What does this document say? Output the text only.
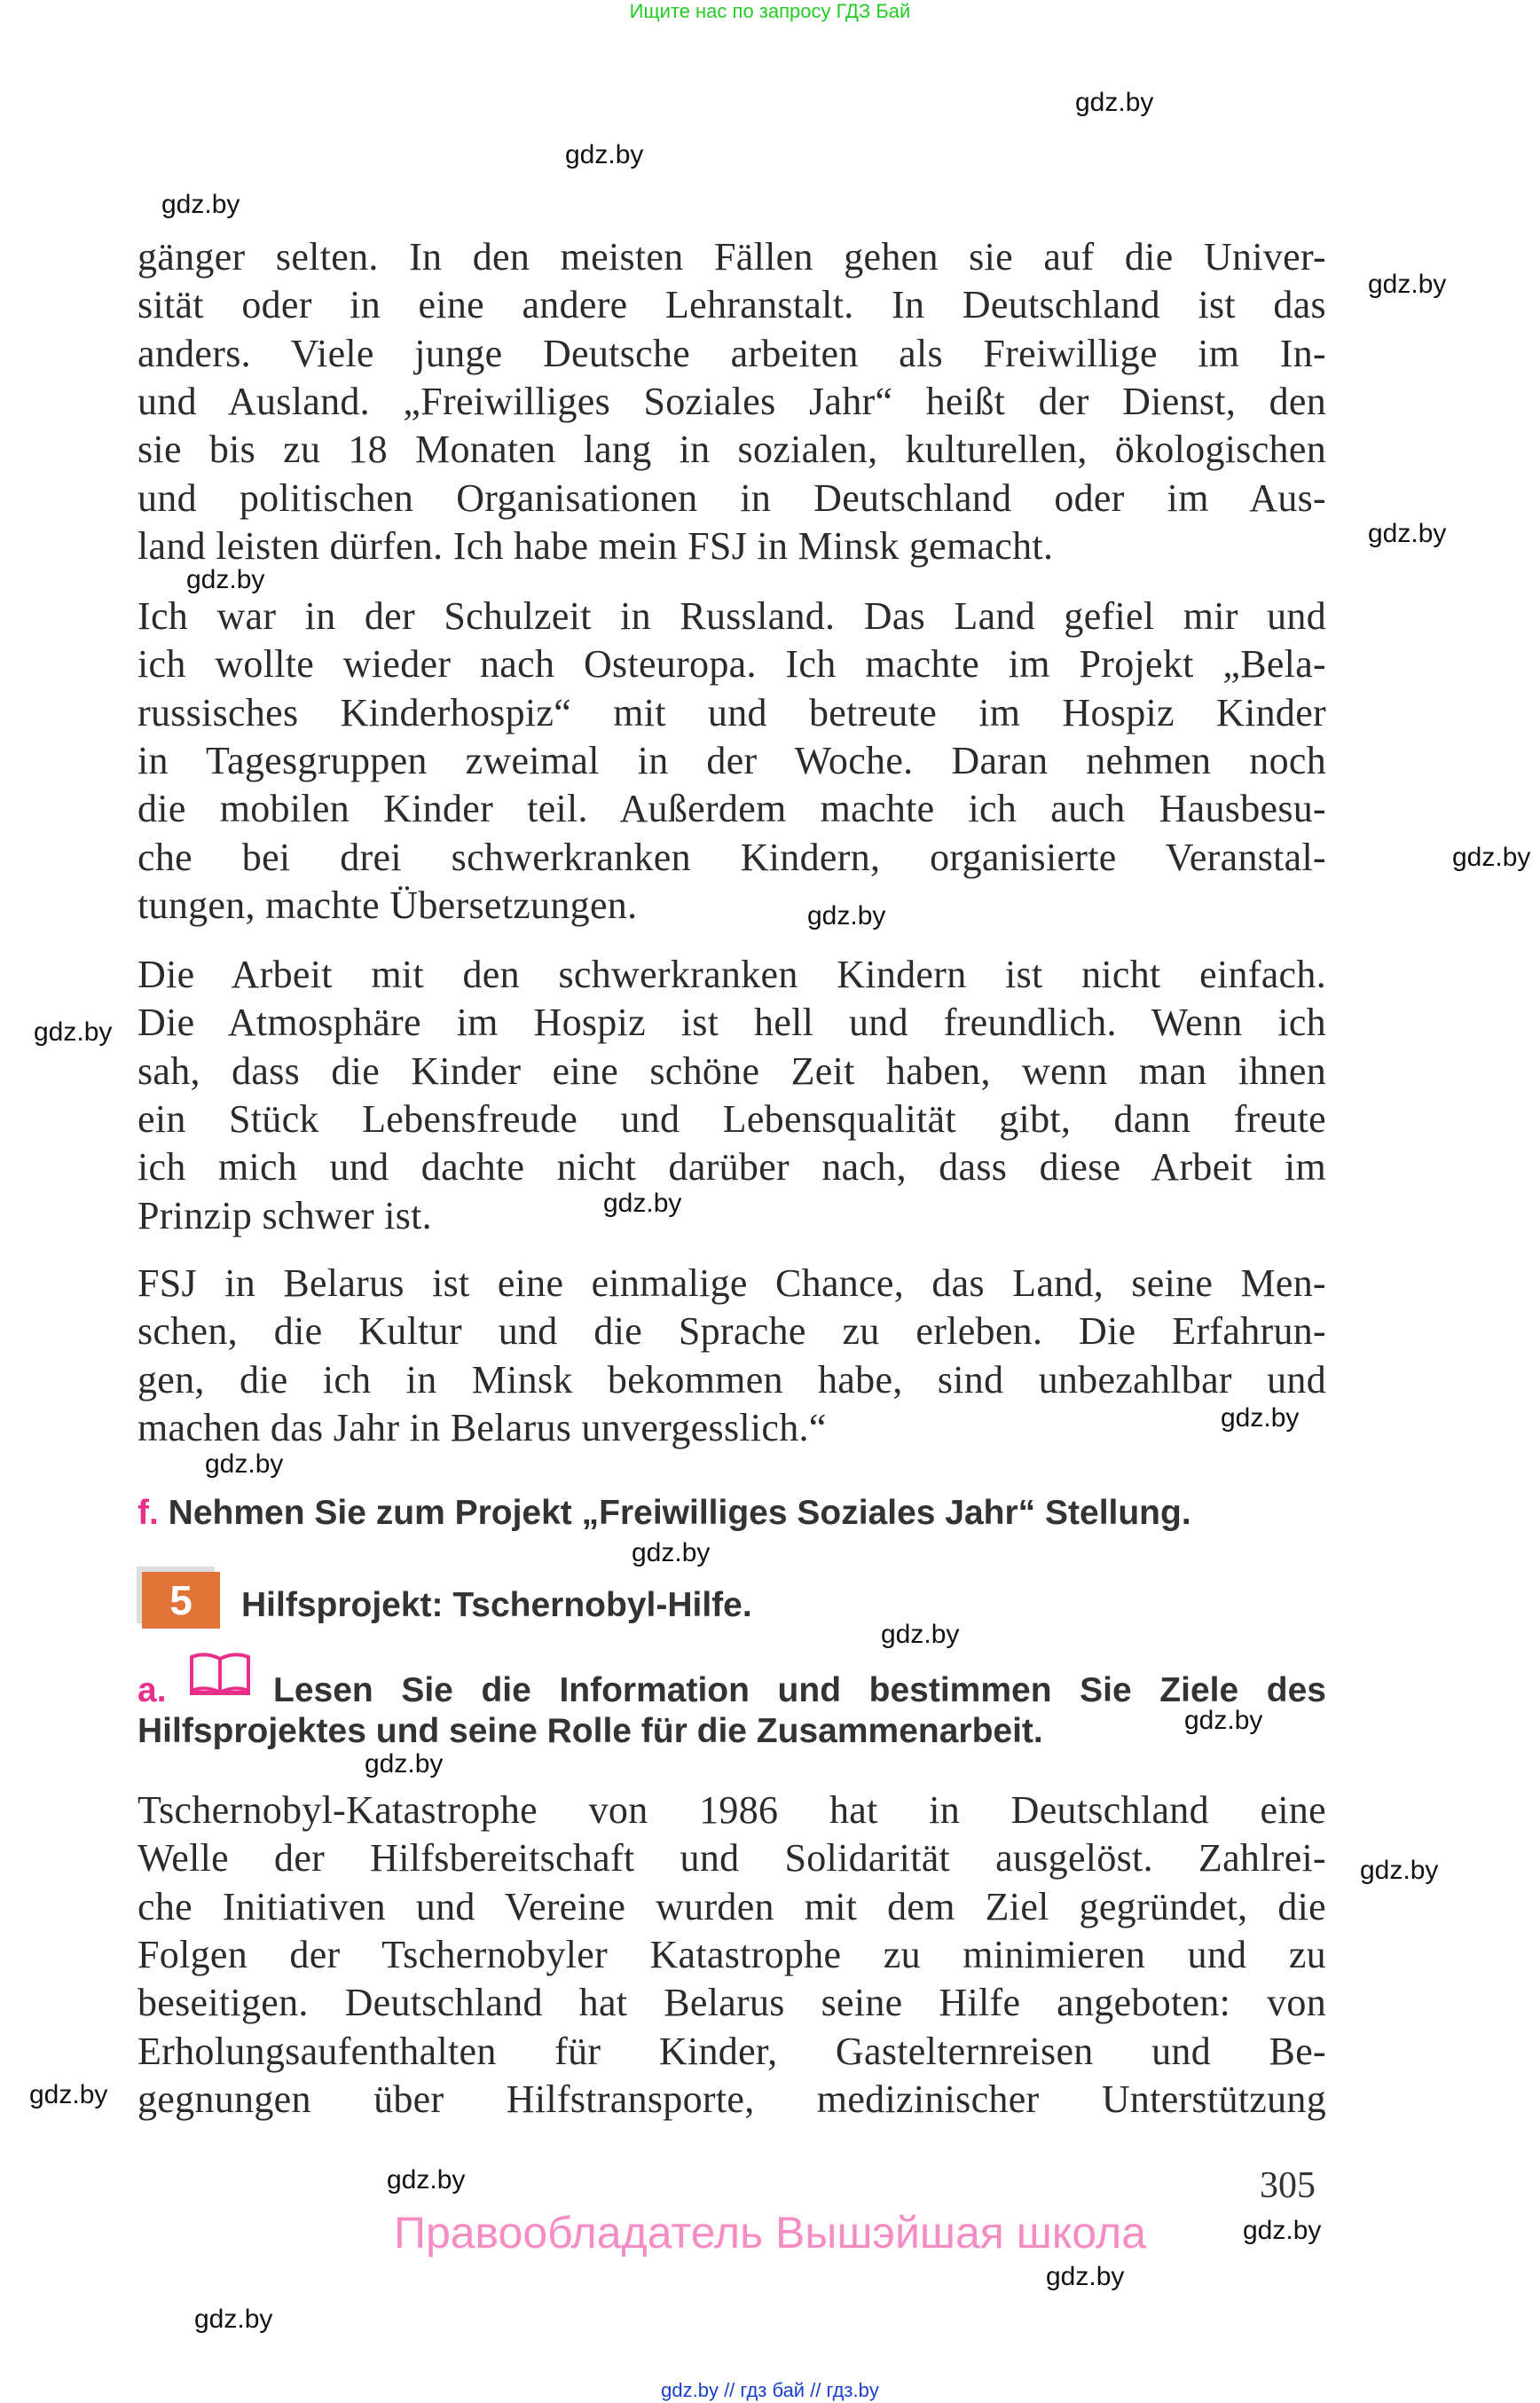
Ищите нас по запросу ГДЗ Бай
gänger selten. In den meisten Fällen gehen sie auf die Univer-
sität oder in eine andere Lehranstalt. In Deutschland ist das
anders. Viele junge Deutsche arbeiten als Freiwillige im In-
und Ausland. „Freiwilliges Soziales Jahr“ heißt der Dienst, den
sie bis zu 18 Monaten lang in sozialen, kulturellen, ökologischen
und politischen Organisationen in Deutschland oder im Aus-
land leisten dürfen. Ich habe mein FSJ in Minsk gemacht.
Ich war in der Schulzeit in Russland. Das Land gefiel mir und
ich wollte wieder nach Osteuropa. Ich machte im Projekt „Bela-
russisches Kinderhospiz“ mit und betreute im Hospiz Kinder
in Tagesgruppen zweimal in der Woche. Daran nehmen noch
die mobilen Kinder teil. Außerdem machte ich auch Hausbesu-
che bei drei schwerkranken Kindern, organisierte Veranstal-
tungen, machte Übersetzungen.
Die Arbeit mit den schwerkranken Kindern ist nicht einfach.
Die Atmosphäre im Hospiz ist hell und freundlich. Wenn ich
sah, dass die Kinder eine schöne Zeit haben, wenn man ihnen
ein Stück Lebensfreude und Lebensqualität gibt, dann freute
ich mich und dachte nicht darüber nach, dass diese Arbeit im
Prinzip schwer ist.
FSJ in Belarus ist eine einmalige Chance, das Land, seine Men-
schen, die Kultur und die Sprache zu erleben. Die Erfahrun-
gen, die ich in Minsk bekommen habe, sind unbezahlbar und
machen das Jahr in Belarus unvergesslich.“
Tschernobyl-Katastrophe von 1986 hat in Deutschland eine
Welle der Hilfsbereitschaft und Solidarität ausgelöst. Zahlrei-
che Initiativen und Vereine wurden mit dem Ziel gegründet, die
Folgen der Tschernobyler Katastrophe zu minimieren und zu
beseitigen. Deutschland hat Belarus seine Hilfe angeboten: von
Erholungsaufenthalten für Kinder, Gastelternreisen und Be-
gegnungen über Hilfstransporte, medizinischer Unterstützung
f. Nehmen Sie zum Projekt „Freiwilliges Soziales Jahr“ Stellung.
5	Hilfsprojekt: Tschernobyl-Hilfe.
a.	Lesen Sie die Information und bestimmen Sie Ziele des
Hilfsprojektes und seine Rolle für die Zusammenarbeit.
305
Правообладатель Вышэйшая школа
gdz.by // гдз бай // гдз.by
gdz.by
gdz.by
gdz.by
gdz.by
gdz.by
gdz.by
gdz.by
gdz.by
gdz.by
gdz.by
gdz.by
gdz.by
gdz.by
gdz.by
gdz.by
gdz.by
gdz.by
gdz.by
gdz.by
gdz.by
gdz.by
gdz.by
